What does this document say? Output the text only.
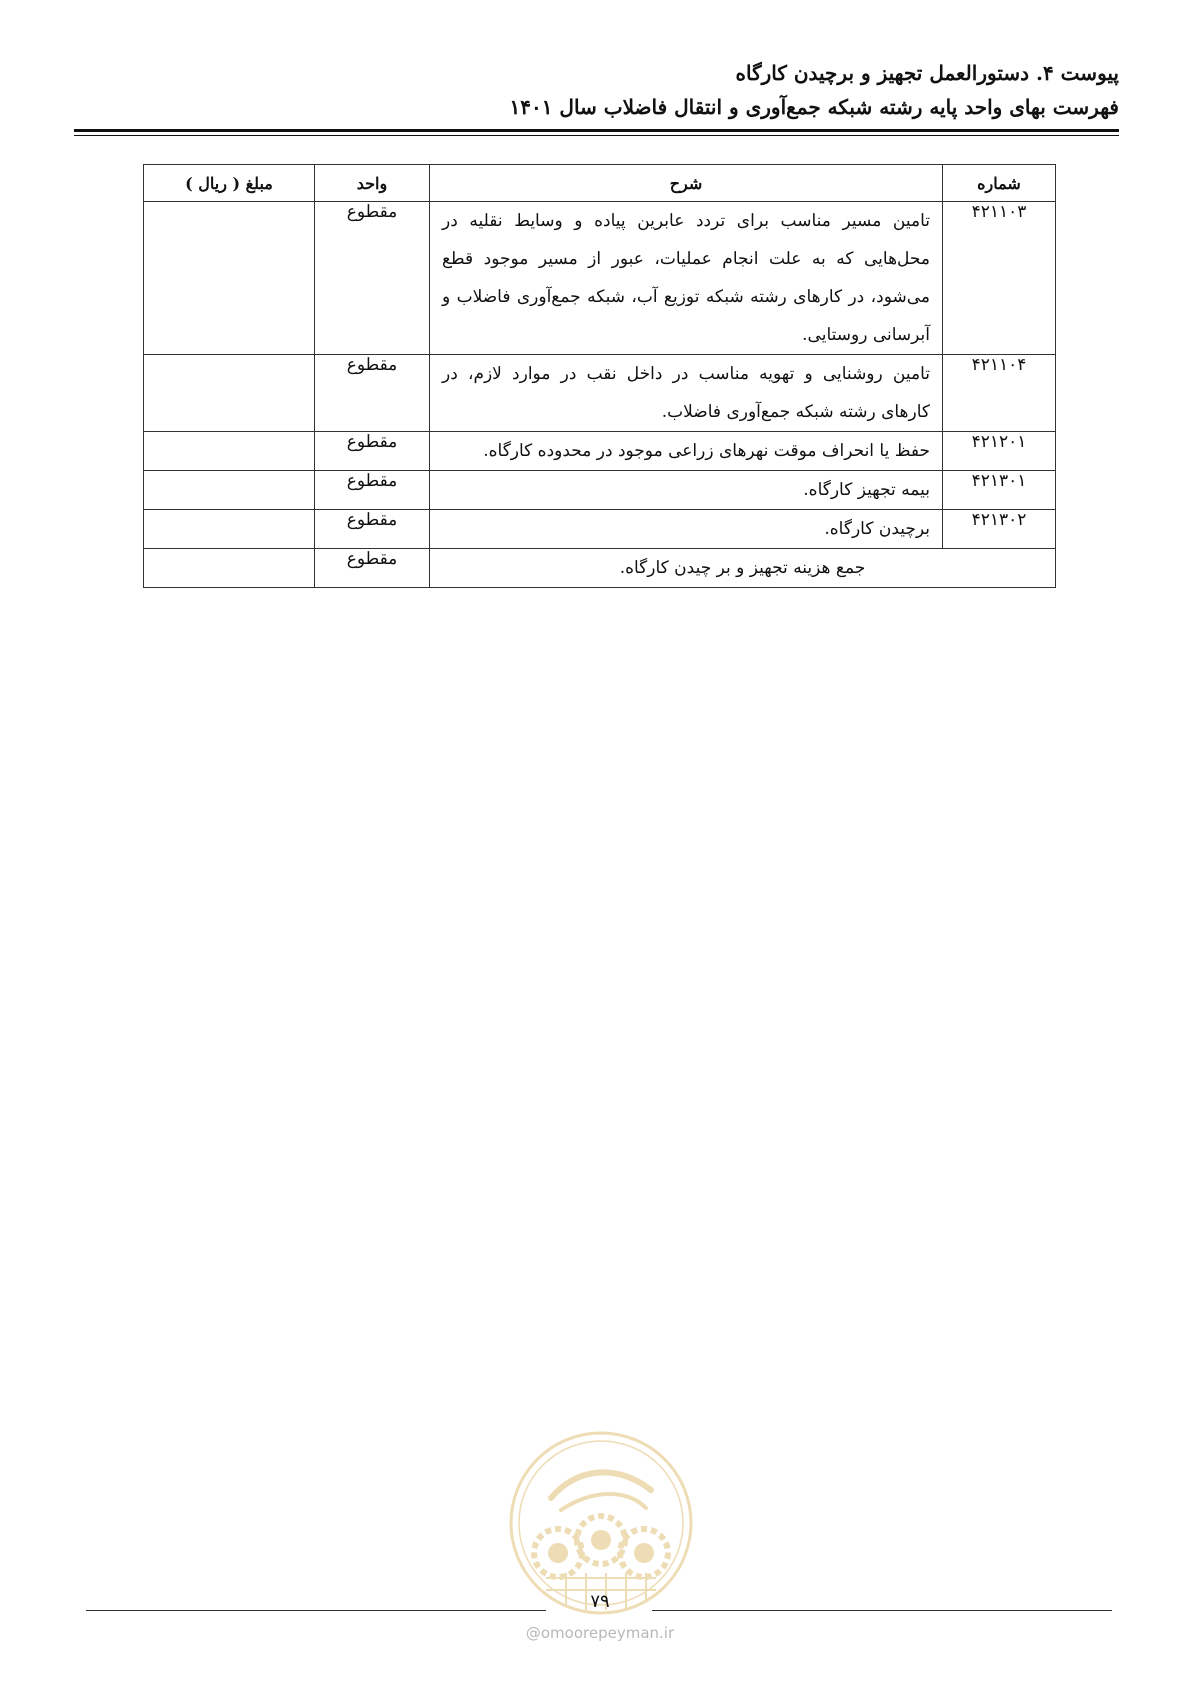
پیوست ۴. دستورالعمل تجهیز و برچیدن کارگاه
فهرست بهای واحد پایه رشته شبکه جمع‌آوری و انتقال فاضلاب سال ۱۴۰۱
شماره	شرح	واحد	مبلغ ( ریال )
۴۲۱۱۰۳	تامین مسیر مناسب برای تردد عابرین پیاده و وسایط نقلیه در محل‌هایی که به علت انجام عملیات، عبور از مسیر موجود قطع می‌شود، در کارهای رشته شبکه توزیع آب، شبکه جمع‌آوری فاضلاب و آبرسانی روستایی.	مقطوع	
۴۲۱۱۰۴	تامین روشنایی و تهویه مناسب در داخل نقب در موارد لازم، در کارهای رشته شبکه جمع‌آوری فاضلاب.	مقطوع	
۴۲۱۲۰۱	حفظ یا انحراف موقت نهرهای زراعی موجود در محدوده کارگاه.	مقطوع	
۴۲۱۳۰۱	بیمه تجهیز کارگاه.	مقطوع	
۴۲۱۳۰۲	برچیدن کارگاه.	مقطوع	
جمع هزینه تجهیز و بر چیدن کارگاه.		مقطوع	
۷۹
@omoorepeyman.ir
